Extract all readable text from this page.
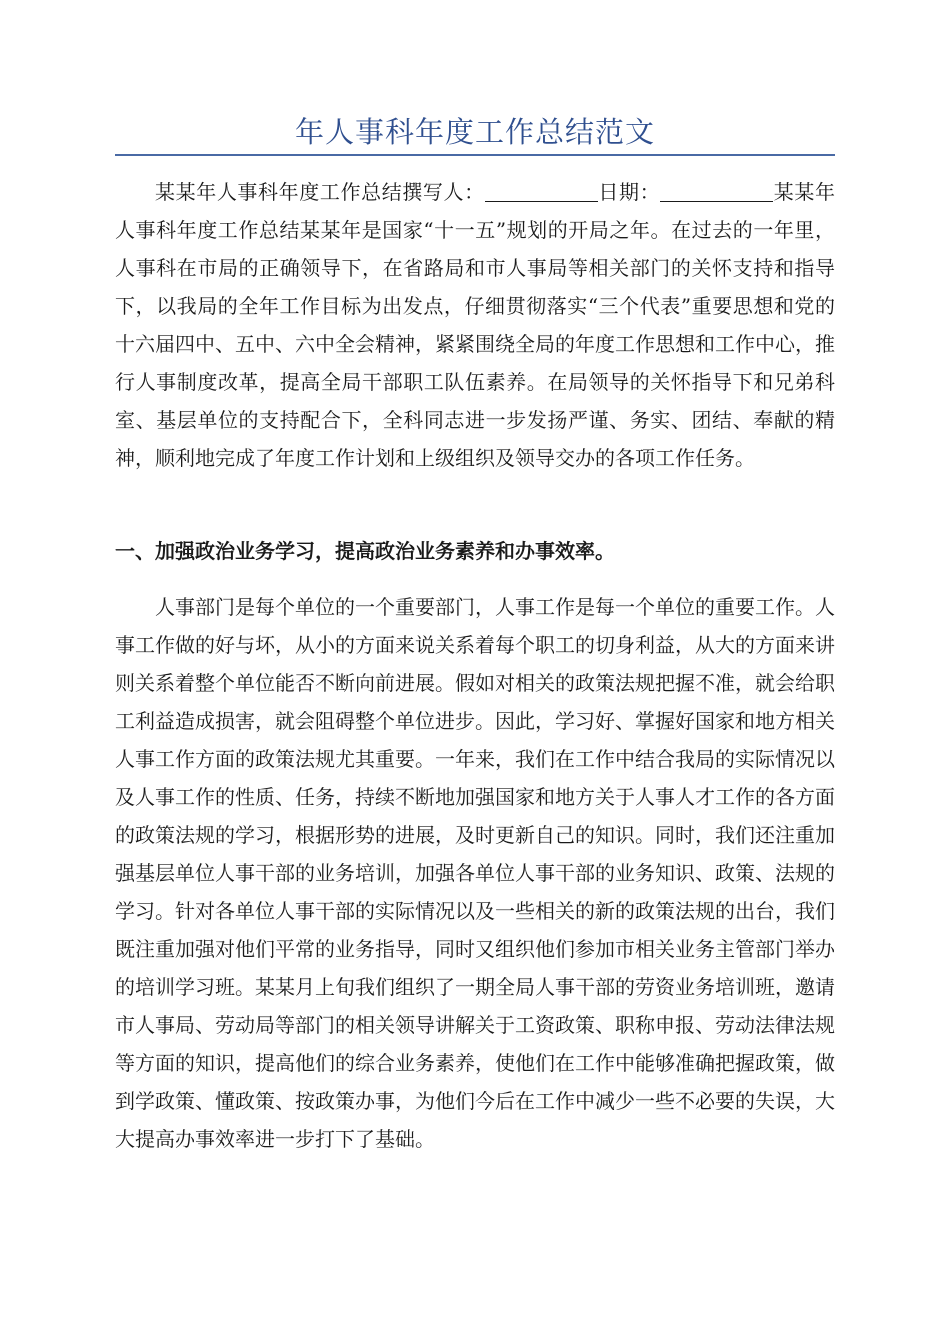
年人事科年度工作总结范文
某某年人事科年度工作总结撰写人：	日期：	某某年人事科年度工作总结某某年是国家“十一五”规划的开局之年。在过去的一年里，人事科在市局的正确领导下，在省路局和市人事局等相关部门的关怀支持和指导下，以我局的全年工作目标为出发点，仔细贯彻落实“三个代表”重要思想和党的十六届四中、五中、六中全会精神，紧紧围绕全局的年度工作思想和工作中心，推行人事制度改革，提高全局干部职工队伍素养。在局领导的关怀指导下和兄弟科室、基层单位的支持配合下，全科同志进一步发扬严谨、务实、团结、奉献的精神，顺利地完成了年度工作计划和上级组织及领导交办的各项工作任务。
一、加强政治业务学习，提高政治业务素养和办事效率。
人事部门是每个单位的一个重要部门，人事工作是每一个单位的重要工作。人事工作做的好与坏，从小的方面来说关系着每个职工的切身利益，从大的方面来讲则关系着整个单位能否不断向前进展。假如对相关的政策法规把握不准，就会给职工利益造成损害，就会阻碍整个单位进步。因此，学习好、掌握好国家和地方相关人事工作方面的政策法规尤其重要。一年来，我们在工作中结合我局的实际情况以及人事工作的性质、任务，持续不断地加强国家和地方关于人事人才工作的各方面的政策法规的学习，根据形势的进展，及时更新自己的知识。同时，我们还注重加强基层单位人事干部的业务培训，加强各单位人事干部的业务知识、政策、法规的学习。针对各单位人事干部的实际情况以及一些相关的新的政策法规的出台，我们既注重加强对他们平常的业务指导，同时又组织他们参加市相关业务主管部门举办的培训学习班。某某月上旬我们组织了一期全局人事干部的劳资业务培训班，邀请市人事局、劳动局等部门的相关领导讲解关于工资政策、职称申报、劳动法律法规等方面的知识，提高他们的综合业务素养，使他们在工作中能够准确把握政策，做到学政策、懂政策、按政策办事，为他们今后在工作中减少一些不必要的失误，大大提高办事效率进一步打下了基础。
